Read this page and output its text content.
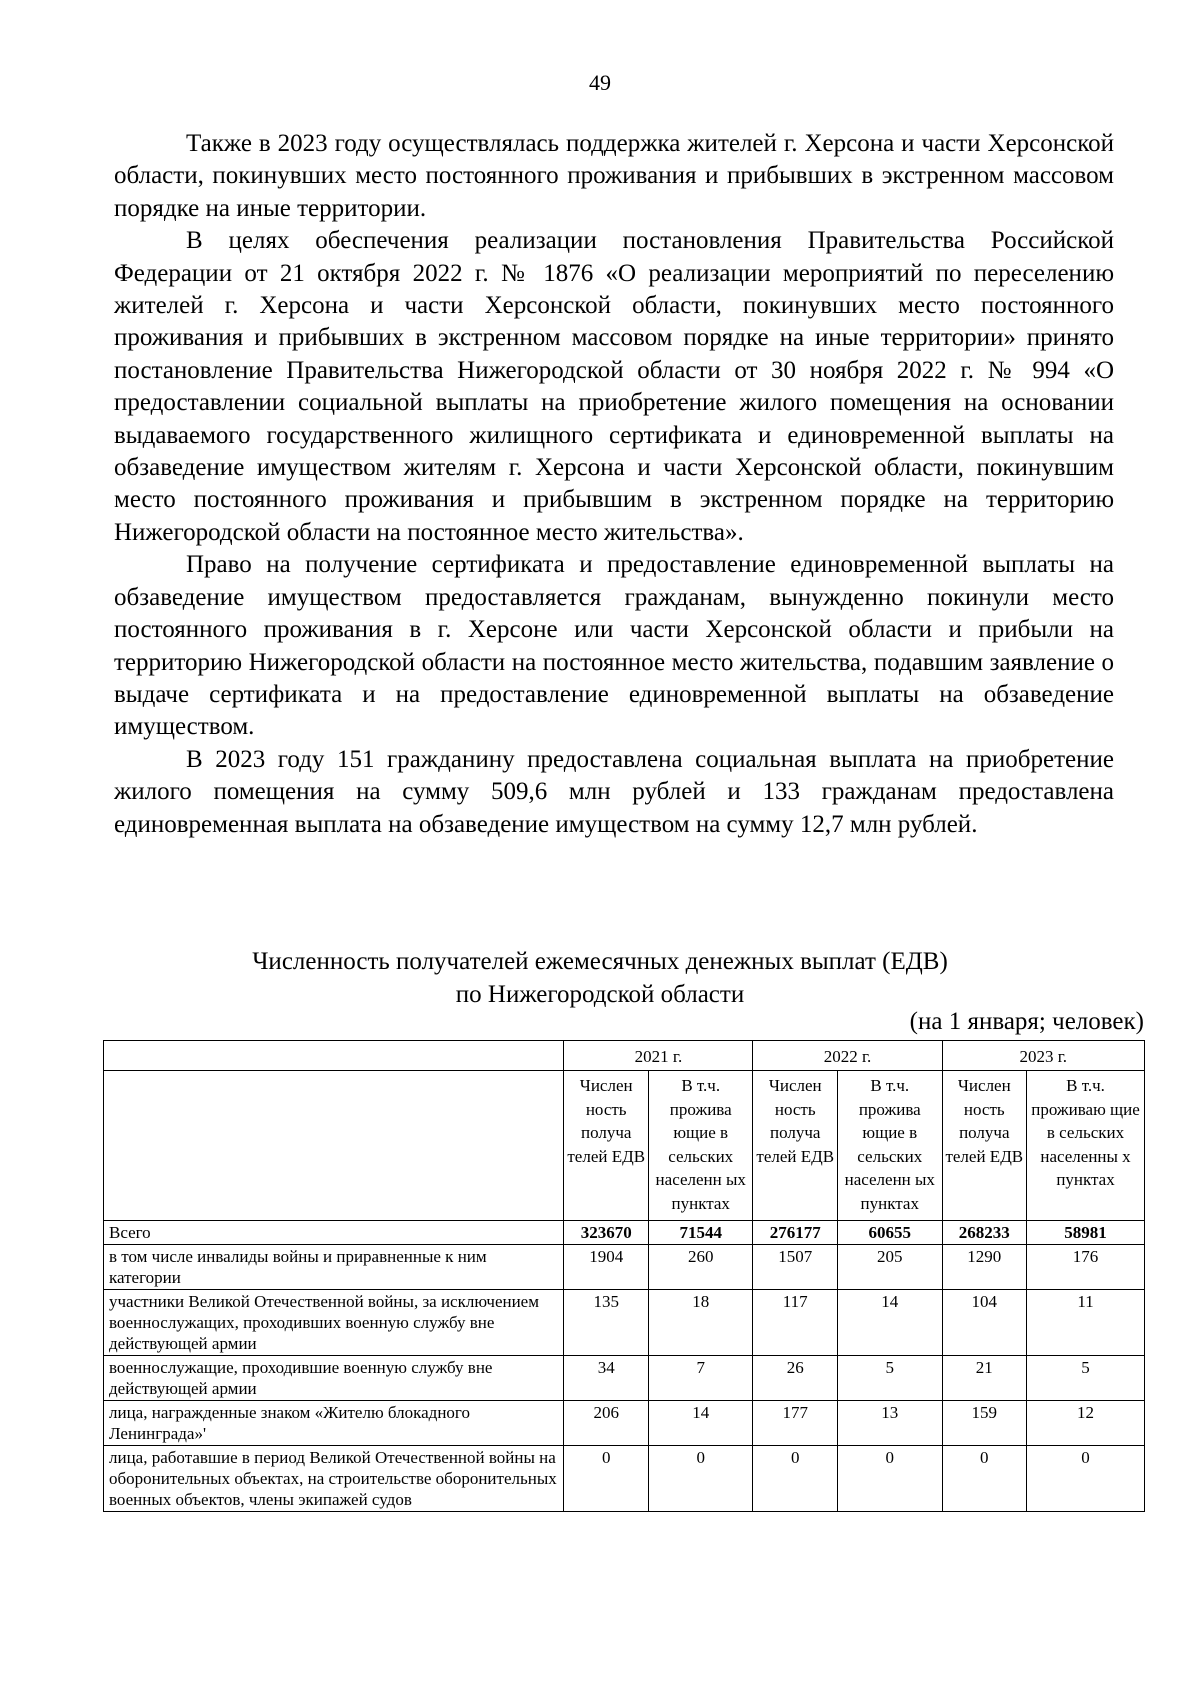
49

Также в 2023 году осуществлялась поддержка жителей г. Херсона и части Херсонской области, покинувших место постоянного проживания и прибывших в экстренном массовом порядке на иные территории.

В целях обеспечения реализации постановления Правительства Российской Федерации от 21 октября 2022 г. № 1876 «О реализации мероприятий по переселению жителей г. Херсона и части Херсонской области, покинувших место постоянного проживания и прибывших в экстренном массовом порядке на иные территории» принято постановление Правительства Нижегородской области от 30 ноября 2022 г. № 994 «О предоставлении социальной выплаты на приобретение жилого помещения на основании выдаваемого государственного жилищного сертификата и единовременной выплаты на обзаведение имуществом жителям г. Херсона и части Херсонской области, покинувшим место постоянного проживания и прибывшим в экстренном порядке на территорию Нижегородской области на постоянное место жительства».

Право на получение сертификата и предоставление единовременной выплаты на обзаведение имуществом предоставляется гражданам, вынужденно покинули место постоянного проживания в г. Херсоне или части Херсонской области и прибыли на территорию Нижегородской области на постоянное место жительства, подавшим заявление о выдаче сертификата и на предоставление единовременной выплаты на обзаведение имуществом.

В 2023 году 151 гражданину предоставлена социальная выплата на приобретение жилого помещения на сумму 509,6 млн рублей и 133 гражданам предоставлена единовременная выплата на обзаведение имуществом на сумму 12,7 млн рублей.

Численность получателей ежемесячных денежных выплат (ЕДВ)
по Нижегородской области
(на 1 января; человек)
	2021 г.		2022 г.		2023 г.	
	Числен ность получа телей ЕДВ	В т.ч. прожива ющие в сельских населенн ых пунктах	Числен ность получа телей ЕДВ	В т.ч. прожива ющие в сельских населенн ых пунктах	Числен ность получа телей ЕДВ	В т.ч. проживаю щие в сельских населенны х пунктах
Всего	323670	71544	276177	60655	268233	58981
в том числе инвалиды войны и приравненные к ним категории	1904	260	1507	205	1290	176
участники Великой Отечественной войны, за исключением военнослужащих, проходивших военную службу вне действующей армии	135	18	117	14	104	11
военнослужащие, проходившие военную службу вне действующей армии	34	7	26	5	21	5
лица, награжденные знаком «Жителю блокадного Ленинграда»'	206	14	177	13	159	12
лица, работавшие в период Великой Отечественной войны на оборонительных объектах, на строительстве оборонительных военных объектов, члены экипажей судов	0	0	0	0	0	0
